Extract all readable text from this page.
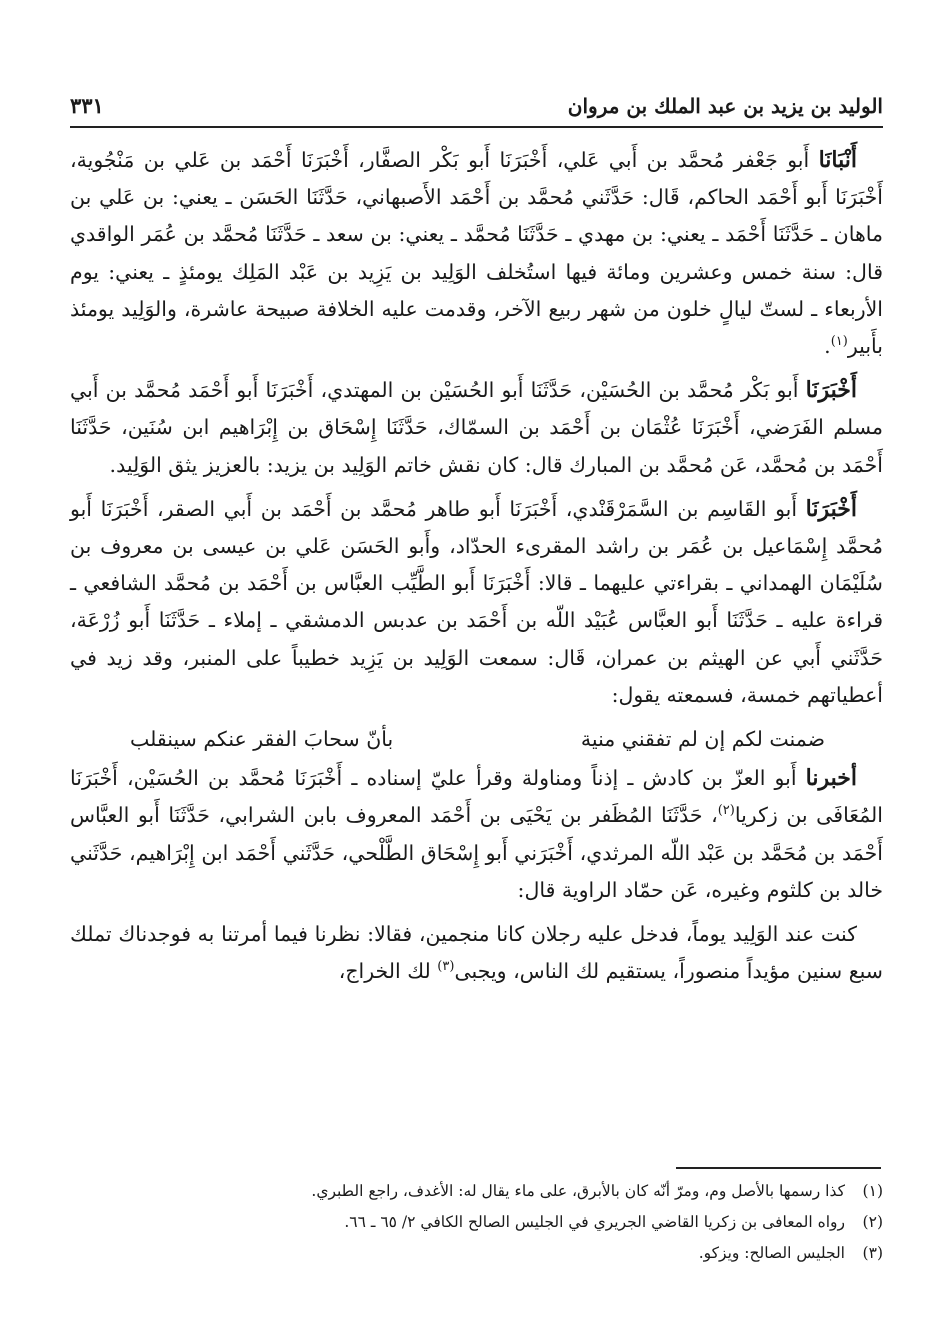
الوليد بن يزيد بن عبد الملك بن مروان
٣٣١

أَنْبَانَا أَبو جَعْفر مُحمَّد بن أَبي عَلي، أَخْبَرَنَا أَبو بَكْر الصفَّار، أَخْبَرَنَا أَحْمَد بن عَلي بن مَنْجُوية، أَخْبَرَنَا أَبو أَحْمَد الحاكم، قَال: حَدَّثَني مُحمَّد بن أَحْمَد الأَصبهاني، حَدَّثَنَا الحَسَن ـ يعني: بن عَلي بن ماهان ـ حَدَّثَنَا أَحْمَد ـ يعني: بن مهدي ـ حَدَّثَنَا مُحمَّد ـ يعني: بن سعد ـ حَدَّثَنَا مُحمَّد بن عُمَر الواقدي قال: سنة خمس وعشرين ومائة فيها استُخلف الوَلِيد بن يَزِيد بن عَبْد المَلِك يومئذٍ ـ يعني: يوم الأربعاء ـ لستّ ليالٍ خلون من شهر ربيع الآخر، وقدمت عليه الخلافة صبيحة عاشرة، والوَلِيد يومئذ بأَبير$^{(١)}$.

أَخْبَرَنَا أَبو بَكْر مُحمَّد بن الحُسَيْن، حَدَّثَنَا أَبو الحُسَيْن بن المهتدي، أَخْبَرَنَا أَبو أَحْمَد مُحمَّد بن أَبي مسلم الفَرَضي، أَخْبَرَنَا عُثْمَان بن أَحْمَد بن السمّاك، حَدَّثَنَا إِسْحَاق بن إِبْرَاهيم ابن سُنَين، حَدَّثَنَا أَحْمَد بن مُحمَّد، عَن مُحمَّد بن المبارك قال: كان نقش خاتم الوَلِيد بن يزيد: بالعزيز يثق الوَلِيد.

أَخْبَرَنَا أَبو القَاسِم بن السَّمَرْقَنْدي، أَخْبَرَنَا أَبو طاهر مُحمَّد بن أَحْمَد بن أَبي الصقر، أَخْبَرَنَا أَبو مُحمَّد إِسْمَاعيل بن عُمَر بن راشد المقرىء الحدّاد، وأَبو الحَسَن عَلي بن عيسى بن معروف بن سُلَيْمَان الهمداني ـ بقراءتي عليهما ـ قالا: أَخْبَرَنَا أَبو الطَّيِّب العبَّاس بن أَحْمَد بن مُحمَّد الشافعي ـ قراءة عليه ـ حَدَّثَنَا أَبو العبَّاس عُبَيْد اللّه بن أَحْمَد بن عدبس الدمشقي ـ إملاء ـ حَدَّثَنَا أَبو زُرْعَة، حَدَّثَني أَبي عن الهيثم بن عمران، قَال: سمعت الوَلِيد بن يَزِيد خطيباً على المنبر، وقد زيد في أعطياتهم خمسة، فسمعته يقول:

ضمنت لكم إن لم تفقني منية
بأنّ سحابَ الفقر عنكم سينقلب

أخبرنا أَبو العزّ بن كادش ـ إذناً ومناولة وقرأ عليّ إسناده ـ أَخْبَرَنَا مُحمَّد بن الحُسَيْن، أَخْبَرَنَا المُعَافَى بن زكريا$^{(٢)}$، حَدَّثَنَا المُظَفر بن يَحْيَى بن أَحْمَد المعروف بابن الشرابي، حَدَّثَنَا أَبو العبَّاس أَحْمَد بن مُحَمَّد بن عَبْد اللّه المرثدي، أَخْبَرَني أَبو إِسْحَاق الطَّلْحي، حَدَّثَني أَحْمَد ابن إِبْرَاهيم، حَدَّثَني خالد بن كلثوم وغيره، عَن حمّاد الراوية قال:

كنت عند الوَلِيد يوماً، فدخل عليه رجلان كانا منجمين، فقالا: نظرنا فيما أمرتنا به فوجدناك تملك سبع سنين مؤيداً منصوراً، يستقيم لك الناس، ويجبى$^{(٣)}$ لك الخراج،

(١)
كذا رسمها بالأصل وم، ومرّ أنّه كان بالأبرق، على ماء يقال له: الأغدف، راجع الطبري.
(٢)
رواه المعافى بن زكريا القاضي الجريري في الجليس الصالح الكافي ٢/ ٦٥ ـ ٦٦.
(٣)
الجليس الصالح: ويزكو.
